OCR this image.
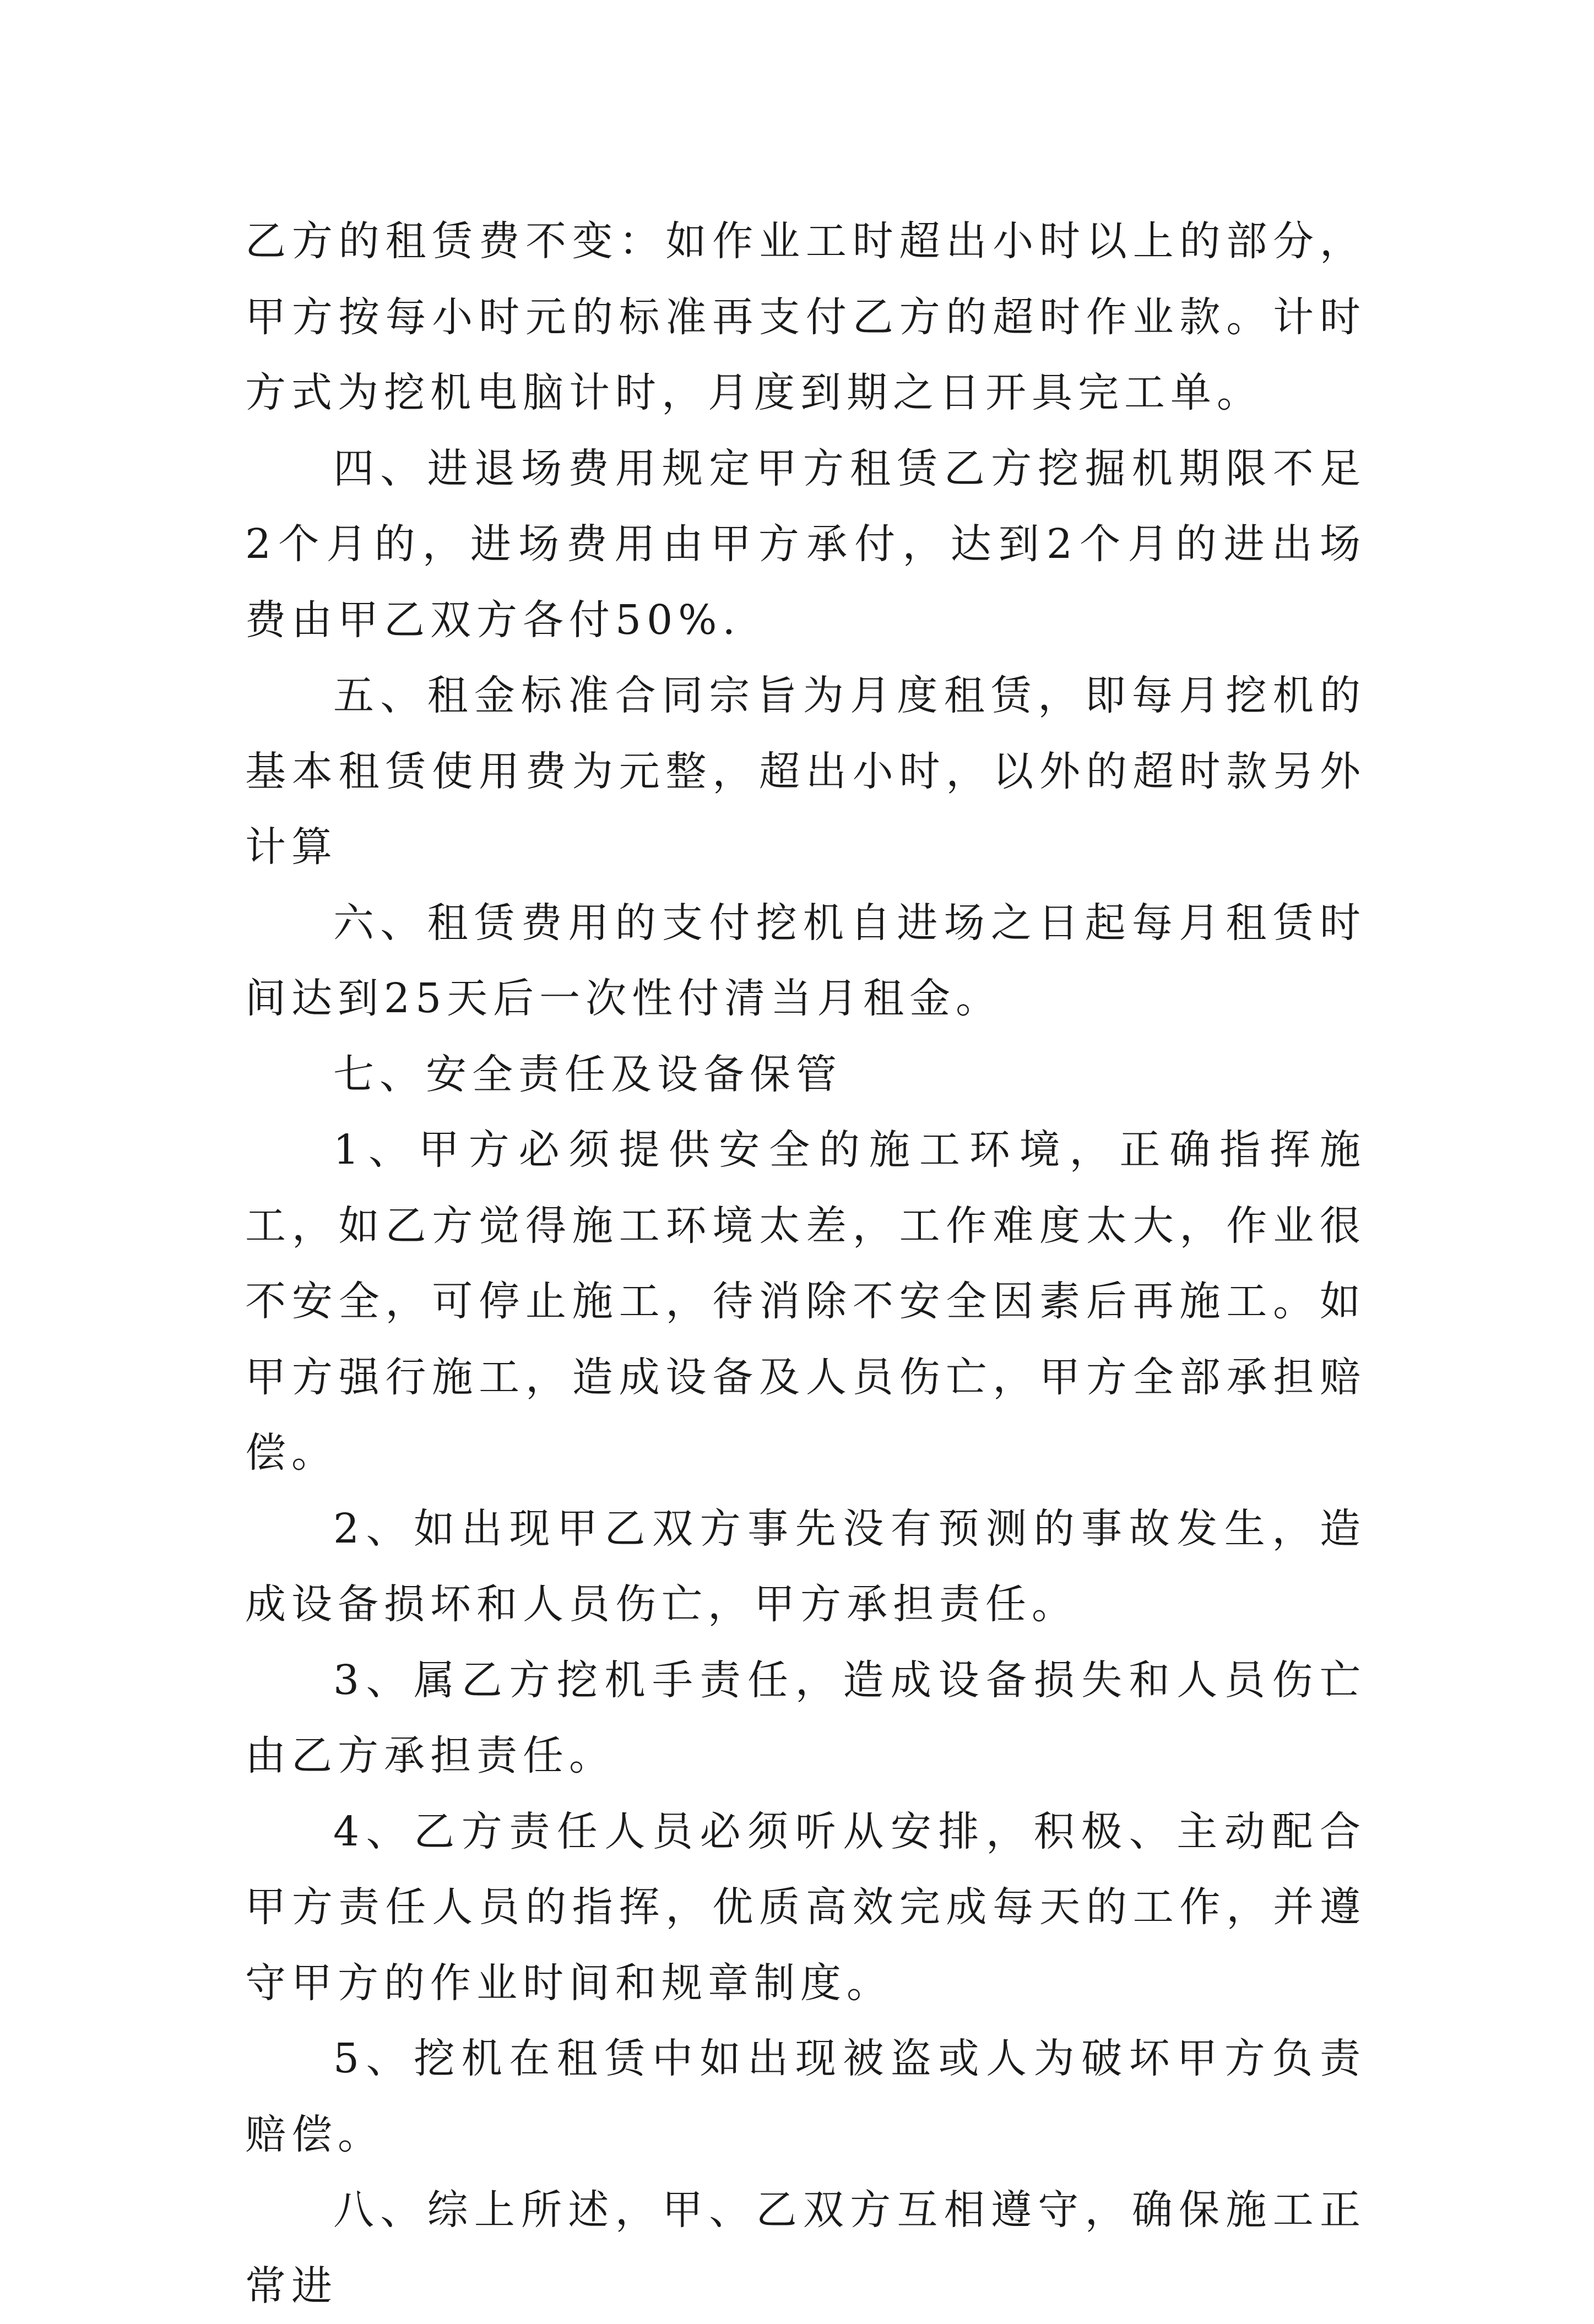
乙方的租赁费不变：如作业工时超出小时以上的部分，甲方按每小时元的标准再支付乙方的超时作业款。计时方式为挖机电脑计时，月度到期之日开具完工单。

四、进退场费用规定甲方租赁乙方挖掘机期限不足2个月的，进场费用由甲方承付，达到2个月的进出场费由甲乙双方各付50%.

五、租金标准合同宗旨为月度租赁，即每月挖机的基本租赁使用费为元整，超出小时，以外的超时款另外计算

六、租赁费用的支付挖机自进场之日起每月租赁时间达到25天后一次性付清当月租金。

七、安全责任及设备保管

1、甲方必须提供安全的施工环境，正确指挥施工，如乙方觉得施工环境太差，工作难度太大，作业很不安全，可停止施工，待消除不安全因素后再施工。如甲方强行施工，造成设备及人员伤亡，甲方全部承担赔偿。

2、如出现甲乙双方事先没有预测的事故发生，造成设备损坏和人员伤亡，甲方承担责任。

3、属乙方挖机手责任，造成设备损失和人员伤亡由乙方承担责任。

4、乙方责任人员必须听从安排，积极、主动配合甲方责任人员的指挥，优质高效完成每天的工作，并遵守甲方的作业时间和规章制度。

5、挖机在租赁中如出现被盗或人为破坏甲方负责赔偿。

八、综上所述，甲、乙双方互相遵守，确保施工正常进
